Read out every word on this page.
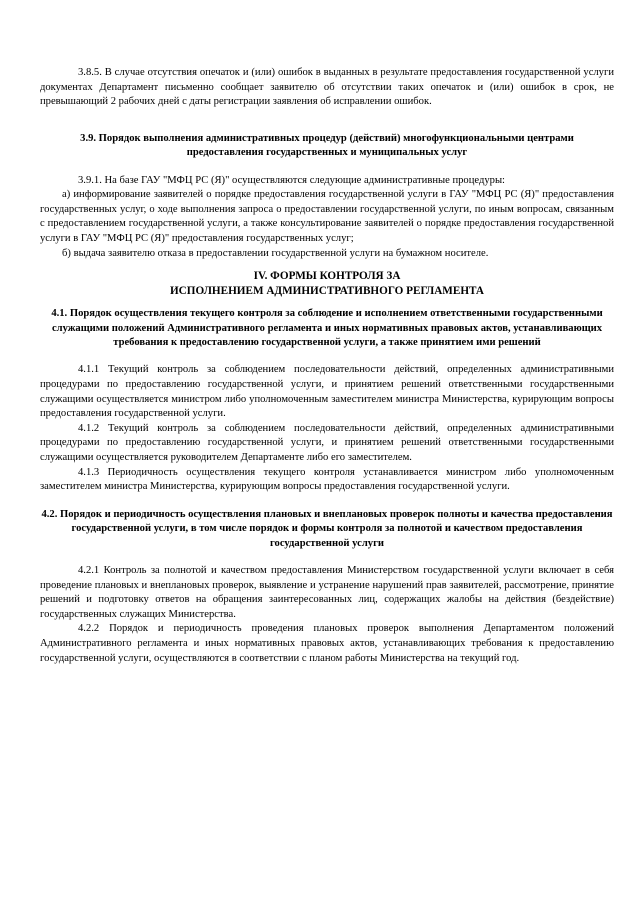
3.8.5. В случае отсутствия опечаток и (или) ошибок в выданных в результате предоставления государственной услуги документах Департамент письменно сообщает заявителю об отсутствии таких опечаток и (или) ошибок в срок, не превышающий 2 рабочих дней с даты регистрации заявления об исправлении ошибок.

3.9. Порядок выполнения административных процедур (действий) многофункциональными центрами предоставления государственных и муниципальных услуг

3.9.1. На базе ГАУ "МФЦ РС (Я)" осуществляются следующие административные процедуры:

а) информирование заявителей о порядке предоставления государственной услуги в ГАУ "МФЦ РС (Я)" предоставления государственных услуг, о ходе выполнения запроса о предоставлении государственной услуги, по иным вопросам, связанным с предоставлением государственной услуги, а также консультирование заявителей о порядке предоставления государственной услуги в ГАУ "МФЦ РС (Я)" предоставления государственных услуг;

б) выдача заявителю отказа в предоставлении государственной услуги на бумажном носителе.

IV. ФОРМЫ КОНТРОЛЯ ЗА
ИСПОЛНЕНИЕМ АДМИНИСТРАТИВНОГО РЕГЛАМЕНТА
4.1. Порядок осуществления текущего контроля за соблюдение и исполнением ответственными государственными служащими положений Административного регламента и иных нормативных правовых актов, устанавливающих требования к предоставлению государственной услуги, а также принятием ими решений

4.1.1 Текущий контроль за соблюдением последовательности действий, определенных административными процедурами по предоставлению государственной услуги, и принятием решений ответственными государственными служащими осуществляется министром либо уполномоченным заместителем министра Министерства, курирующим вопросы предоставления государственной услуги.

4.1.2 Текущий контроль за соблюдением последовательности действий, определенных административными процедурами по предоставлению государственной услуги, и принятием решений ответственными государственными служащими осуществляется руководителем Департаменте либо его заместителем.

4.1.3 Периодичность осуществления текущего контроля устанавливается министром либо уполномоченным заместителем министра Министерства, курирующим вопросы предоставления государственной услуги.

4.2. Порядок и периодичность осуществления плановых и внеплановых проверок полноты и качества предоставления государственной услуги, в том числе порядок и формы контроля за полнотой и качеством предоставления государственной услуги

4.2.1 Контроль за полнотой и качеством предоставления Министерством государственной услуги включает в себя проведение плановых и внеплановых проверок, выявление и устранение нарушений прав заявителей, рассмотрение, принятие решений и подготовку ответов на обращения заинтересованных лиц, содержащих жалобы на действия (бездействие) государственных служащих Министерства.

4.2.2 Порядок и периодичность проведения плановых проверок выполнения Департаментом положений Административного регламента и иных нормативных правовых актов, устанавливающих требования к предоставлению государственной услуги, осуществляются в соответствии с планом работы Министерства на текущий год.
